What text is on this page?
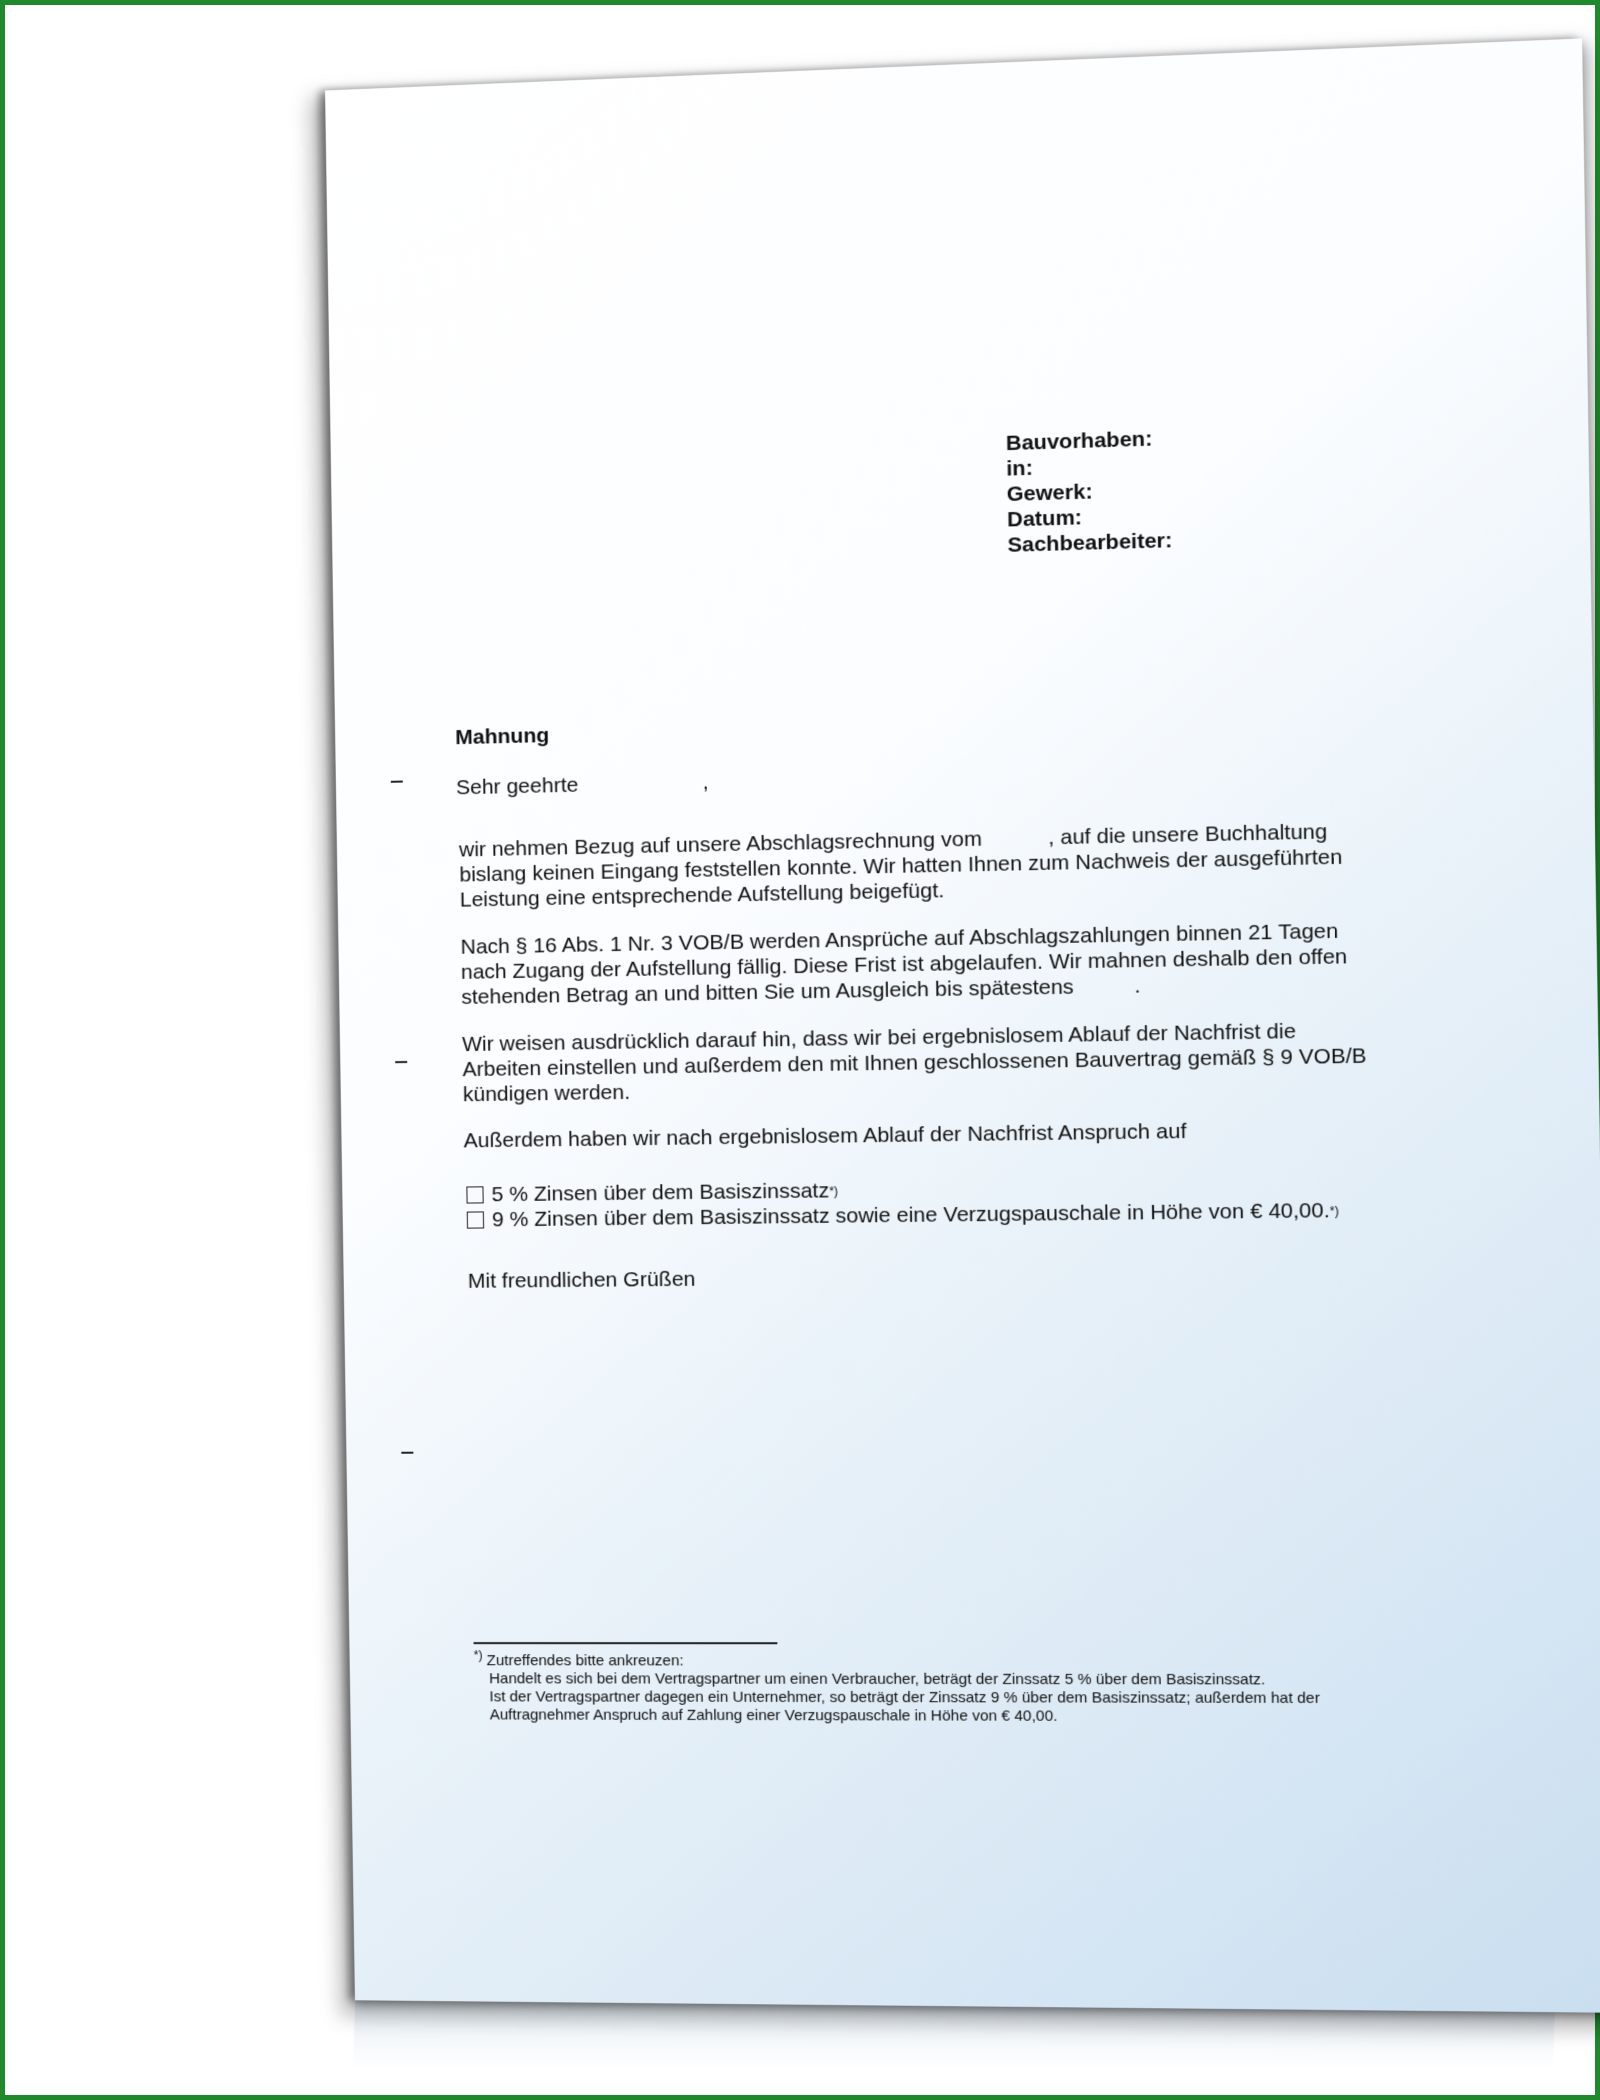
Bauvorhaben:
in:
Gewerk:
Datum:
Sachbearbeiter:
Mahnung
Sehr geehrte                     ,
wir nehmen Bezug auf unsere Abschlagsrechnung vom           , auf die unsere Buchhaltung bislang keinen Eingang feststellen konnte. Wir hatten Ihnen zum Nachweis der ausgeführten Leistung eine entsprechende Aufstellung beigefügt.
Nach § 16 Abs. 1 Nr. 3 VOB/B werden Ansprüche auf Abschlagszahlungen binnen 21 Tagen nach Zugang der Aufstellung fällig. Diese Frist ist abgelaufen. Wir mahnen deshalb den offen stehenden Betrag an und bitten Sie um Ausgleich bis spätestens          .
Wir weisen ausdrücklich darauf hin, dass wir bei ergebnislosem Ablauf der Nachfrist die Arbeiten einstellen und außerdem den mit Ihnen geschlossenen Bauvertrag gemäß § 9 VOB/B kündigen werden.
Außerdem haben wir nach ergebnislosem Ablauf der Nachfrist Anspruch auf
5 % Zinsen über dem Basiszinssatz *)
9 % Zinsen über dem Basiszinssatz sowie eine Verzugspauschale in Höhe von € 40,00. *)
Mit freundlichen Grüßen
*) Zutreffendes bitte ankreuzen:
Handelt es sich bei dem Vertragspartner um einen Verbraucher, beträgt der Zinssatz 5 % über dem Basiszinssatz.
Ist der Vertragspartner dagegen ein Unternehmer, so beträgt der Zinssatz 9 % über dem Basiszinssatz; außerdem hat der
Auftragnehmer Anspruch auf Zahlung einer Verzugspauschale in Höhe von € 40,00.
